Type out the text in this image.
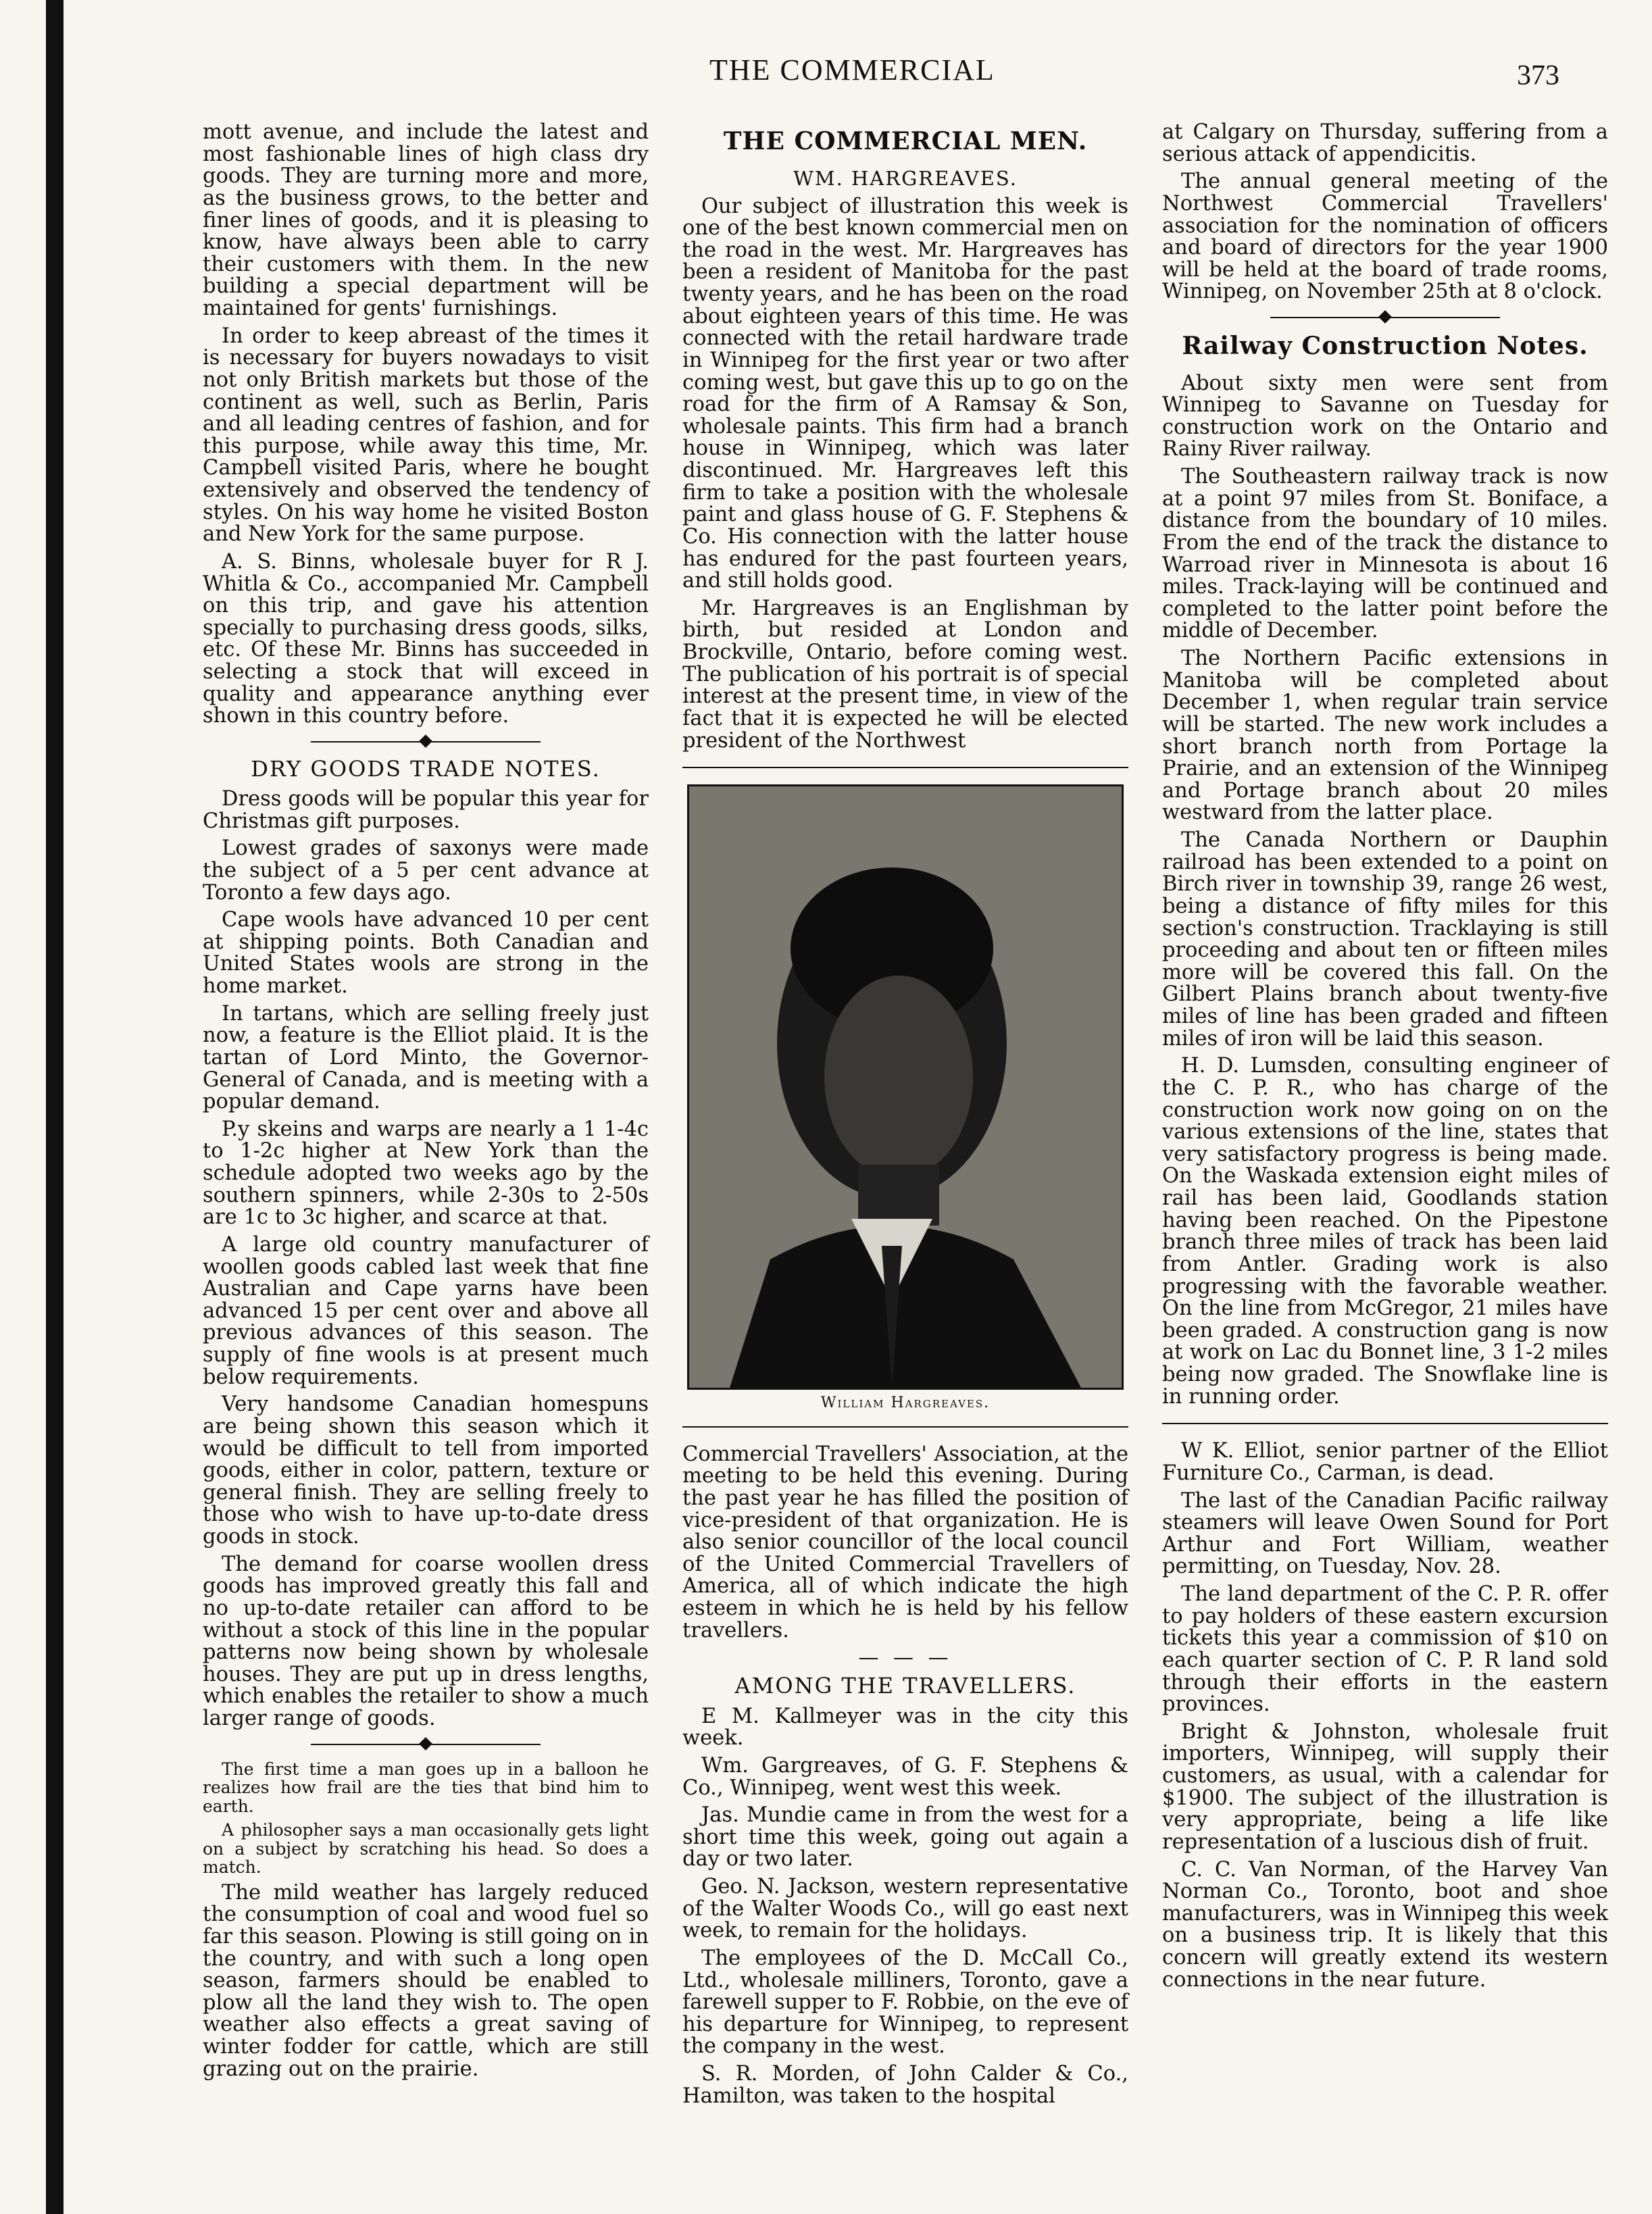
THE COMMERCIAL	373

mott avenue, and include the latest and most fashionable lines of high class dry goods. They are turning more and more, as the business grows, to the better and finer lines of goods, and it is pleasing to know, have always been able to carry their customers with them. In the new building a special department will be maintained for gents' furnishings.

In order to keep abreast of the times it is necessary for buyers nowadays to visit not only British markets but those of the continent as well, such as Berlin, Paris and all leading centres of fashion, and for this purpose, while away this time, Mr. Campbell visited Paris, where he bought extensively and observed the tendency of styles. On his way home he visited Boston and New York for the same purpose.

A. S. Binns, wholesale buyer for R J. Whitla & Co., accompanied Mr. Campbell on this trip, and gave his attention specially to purchasing dress goods, silks, etc. Of these Mr. Binns has succeeded in selecting a stock that will exceed in quality and appearance anything ever shown in this country before.

DRY GOODS TRADE NOTES.

Dress goods will be popular this year for Christmas gift purposes.

Lowest grades of saxonys were made the subject of a 5 per cent advance at Toronto a few days ago.

Cape wools have advanced 10 per cent at shipping points. Both Canadian and United States wools are strong in the home market.

In tartans, which are selling freely just now, a feature is the Elliot plaid. It is the tartan of Lord Minto, the Governor-General of Canada, and is meeting with a popular demand.

P.y skeins and warps are nearly a 1 1-4c to 1-2c higher at New York than the schedule adopted two weeks ago by the southern spinners, while 2-30s to 2-50s are 1c to 3c higher, and scarce at that.

A large old country manufacturer of woollen goods cabled last week that fine Australian and Cape yarns have been advanced 15 per cent over and above all previous advances of this season. The supply of fine wools is at present much below requirements.

Very handsome Canadian homespuns are being shown this season which it would be difficult to tell from imported goods, either in color, pattern, texture or general finish. They are selling freely to those who wish to have up-to-date dress goods in stock.

The demand for coarse woollen dress goods has improved greatly this fall and no up-to-date retailer can afford to be without a stock of this line in the popular patterns now being shown by wholesale houses. They are put up in dress lengths, which enables the retailer to show a much larger range of goods.

The first time a man goes up in a balloon he realizes how frail are the ties that bind him to earth.

A philosopher says a man occasionally gets light on a subject by scratching his head. So does a match.

The mild weather has largely reduced the consumption of coal and wood fuel so far this season. Plowing is still going on in the country, and with such a long open season, farmers should be enabled to plow all the land they wish to. The open weather also effects a great saving of winter fodder for cattle, which are still grazing out on the prairie.

THE COMMERCIAL MEN.
WM. HARGREAVES.

Our subject of illustration this week is one of the best known commercial men on the road in the west. Mr. Hargreaves has been a resident of Manitoba for the past twenty years, and he has been on the road about eighteen years of this time. He was connected with the retail hardware trade in Winnipeg for the first year or two after coming west, but gave this up to go on the road for the firm of A Ramsay & Son, wholesale paints. This firm had a branch house in Winnipeg, which was later discontinued. Mr. Hargreaves left this firm to take a position with the wholesale paint and glass house of G. F. Stephens & Co. His connection with the latter house has endured for the past fourteen years, and still holds good.

Mr. Hargreaves is an Englishman by birth, but resided at London and Brockville, Ontario, before coming west. The publication of his portrait is of special interest at the present time, in view of the fact that it is expected he will be elected president of the Northwest

William Hargreaves.

Commercial Travellers' Association, at the meeting to be held this evening. During the past year he has filled the position of vice-president of that organization. He is also senior councillor of the local council of the United Commercial Travellers of America, all of which indicate the high esteem in which he is held by his fellow travellers.

— — —
AMONG THE TRAVELLERS.

E M. Kallmeyer was in the city this week.

Wm. Gargreaves, of G. F. Stephens & Co., Winnipeg, went west this week.

Jas. Mundie came in from the west for a short time this week, going out again a day or two later.

Geo. N. Jackson, western representative of the Walter Woods Co., will go east next week, to remain for the holidays.

The employees of the D. McCall Co., Ltd., wholesale milliners, Toronto, gave a farewell supper to F. Robbie, on the eve of his departure for Winnipeg, to represent the company in the west.

S. R. Morden, of John Calder & Co., Hamilton, was taken to the hospital

at Calgary on Thursday, suffering from a serious attack of appendicitis.

The annual general meeting of the Northwest Commercial Travellers' association for the nomination of officers and board of directors for the year 1900 will be held at the board of trade rooms, Winnipeg, on November 25th at 8 o'clock.

Railway Construction Notes.

About sixty men were sent from Winnipeg to Savanne on Tuesday for construction work on the Ontario and Rainy River railway.

The Southeastern railway track is now at a point 97 miles from St. Boniface, a distance from the boundary of 10 miles. From the end of the track the distance to Warroad river in Minnesota is about 16 miles. Track-laying will be continued and completed to the latter point before the middle of December.

The Northern Pacific extensions in Manitoba will be completed about December 1, when regular train service will be started. The new work includes a short branch north from Portage la Prairie, and an extension of the Winnipeg and Portage branch about 20 miles westward from the latter place.

The Canada Northern or Dauphin railroad has been extended to a point on Birch river in township 39, range 26 west, being a distance of fifty miles for this section's construction. Tracklaying is still proceeding and about ten or fifteen miles more will be covered this fall. On the Gilbert Plains branch about twenty-five miles of line has been graded and fifteen miles of iron will be laid this season.

H. D. Lumsden, consulting engineer of the C. P. R., who has charge of the construction work now going on on the various extensions of the line, states that very satisfactory progress is being made. On the Waskada extension eight miles of rail has been laid, Goodlands station having been reached. On the Pipestone branch three miles of track has been laid from Antler. Grading work is also progressing with the favorable weather. On the line from McGregor, 21 miles have been graded. A construction gang is now at work on Lac du Bonnet line, 3 1-2 miles being now graded. The Snowflake line is in running order.

W K. Elliot, senior partner of the Elliot Furniture Co., Carman, is dead.

The last of the Canadian Pacific railway steamers will leave Owen Sound for Port Arthur and Fort William, weather permitting, on Tuesday, Nov. 28.

The land department of the C. P. R. offer to pay holders of these eastern excursion tickets this year a commission of $10 on each quarter section of C. P. R land sold through their efforts in the eastern provinces.

Bright & Johnston, wholesale fruit importers, Winnipeg, will supply their customers, as usual, with a calendar for $1900. The subject of the illustration is very appropriate, being a life like representation of a luscious dish of fruit.

C. C. Van Norman, of the Harvey Van Norman Co., Toronto, boot and shoe manufacturers, was in Winnipeg this week on a business trip. It is likely that this concern will greatly extend its western connections in the near future.
